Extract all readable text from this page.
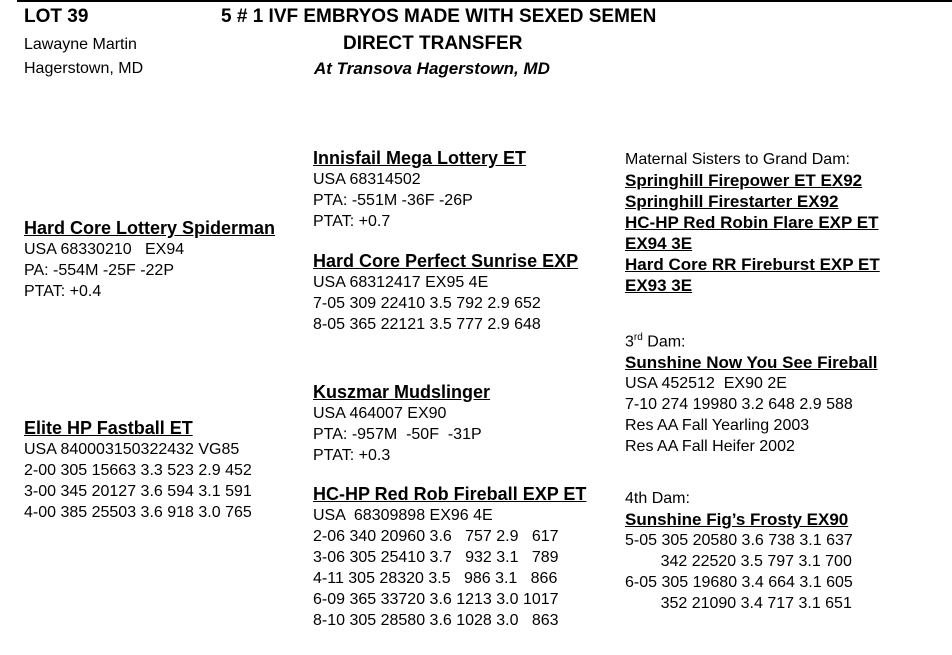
LOT 39
Lawayne Martin
Hagerstown, MD
5 # 1 IVF EMBRYOS MADE WITH SEXED SEMEN
DIRECT TRANSFER
At Transova Hagerstown, MD
Hard Core Lottery Spiderman
USA 68330210   EX94
PA: -554M -25F -22P
PTAT: +0.4
Elite HP Fastball ET
USA 840003150322432 VG85
2-00 305 15663 3.3 523 2.9 452
3-00 345 20127 3.6 594 3.1 591
4-00 385 25503 3.6 918 3.0 765
Innisfail Mega Lottery ET
USA 68314502
PTA: -551M -36F -26P
PTAT: +0.7
Hard Core Perfect Sunrise EXP
USA 68312417 EX95 4E
7-05 309 22410 3.5 792 2.9 652
8-05 365 22121 3.5 777 2.9 648
Kuszmar Mudslinger
USA 464007 EX90
PTA: -957M  -50F  -31P
PTAT: +0.3
HC-HP Red Rob Fireball EXP ET
USA  68309898 EX96 4E
2-06 340 20960 3.6   757 2.9   617
3-06 305 25410 3.7   932 3.1   789
4-11 305 28320 3.5   986 3.1   866
6-09 365 33720 3.6 1213 3.0 1017
8-10 305 28580 3.6 1028 3.0   863
Maternal Sisters to Grand Dam:
Springhill Firepower ET EX92
Springhill Firestarter EX92
HC-HP Red Robin Flare EXP ET
EX94 3E
Hard Core RR Fireburst EXP ET
EX93 3E
3rd Dam:
Sunshine Now You See Fireball
USA 452512  EX90 2E
7-10 274 19980 3.2 648 2.9 588
Res AA Fall Yearling 2003
Res AA Fall Heifer 2002
4th Dam:
Sunshine Fig’s Frosty EX90
5-05 305 20580 3.6 738 3.1 637
342 22520 3.5 797 3.1 700
6-05 305 19680 3.4 664 3.1 605
352 21090 3.4 717 3.1 651
